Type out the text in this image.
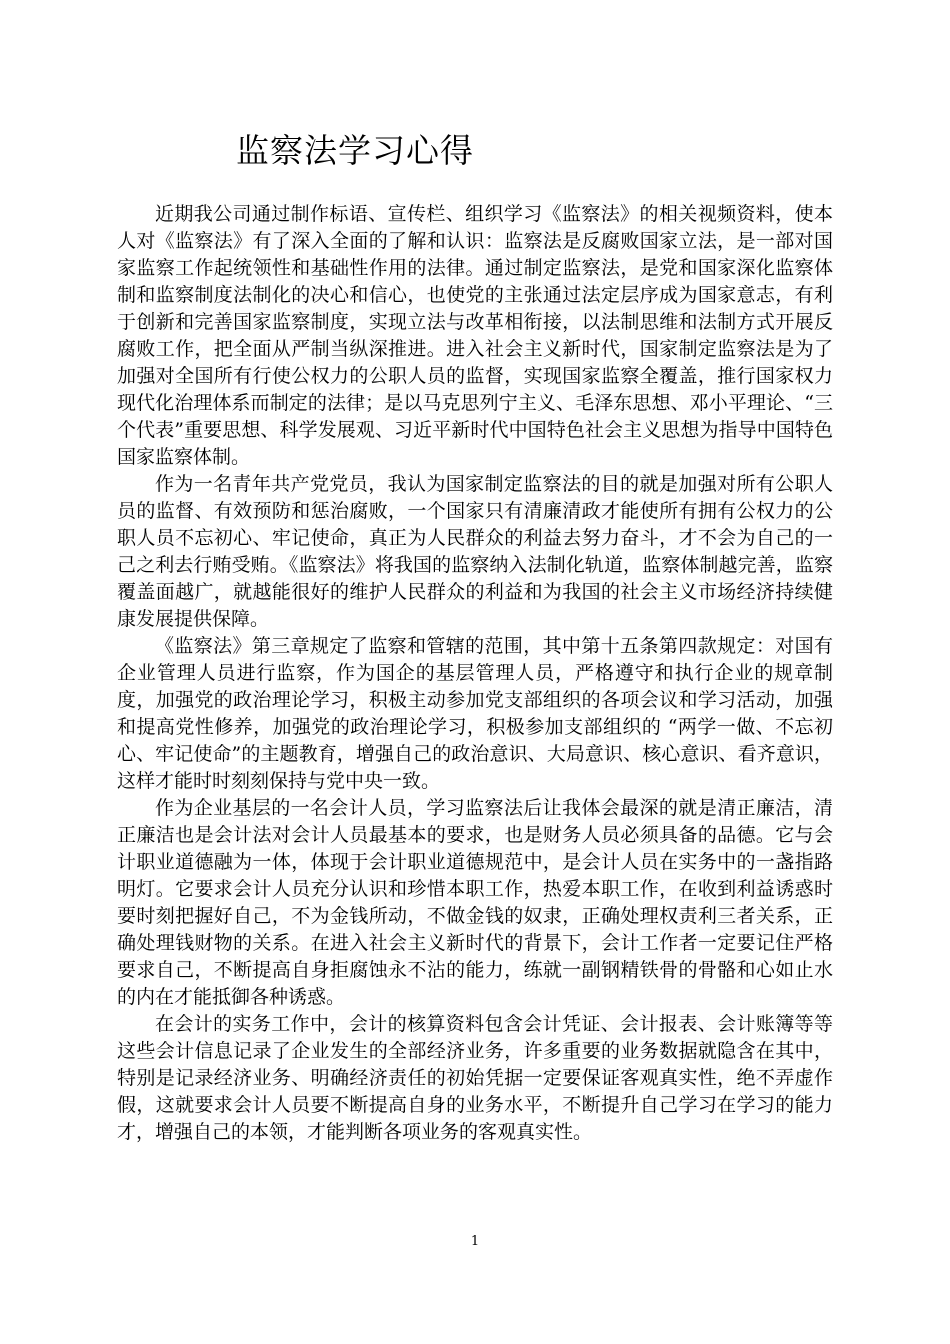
监察法学习心得

近期我公司通过制作标语、宣传栏、组织学习《监察法》的相关视频资料，使本人对《监察法》有了深入全面的了解和认识：监察法是反腐败国家立法，是一部对国家监察工作起统领性和基础性作用的法律。通过制定监察法，是党和国家深化监察体制和监察制度法制化的决心和信心，也使党的主张通过法定层序成为国家意志，有利于创新和完善国家监察制度，实现立法与改革相衔接，以法制思维和法制方式开展反腐败工作，把全面从严制当纵深推进。进入社会主义新时代，国家制定监察法是为了加强对全国所有行使公权力的公职人员的监督，实现国家监察全覆盖，推行国家权力现代化治理体系而制定的法律；是以马克思列宁主义、毛泽东思想、邓小平理论、“三个代表”重要思想、科学发展观、习近平新时代中国特色社会主义思想为指导中国特色国家监察体制。

作为一名青年共产党党员，我认为国家制定监察法的目的就是加强对所有公职人员的监督、有效预防和惩治腐败，一个国家只有清廉清政才能使所有拥有公权力的公职人员不忘初心、牢记使命，真正为人民群众的利益去努力奋斗，才不会为自己的一己之利去行贿受贿。《监察法》将我国的监察纳入法制化轨道，监察体制越完善，监察覆盖面越广，就越能很好的维护人民群众的利益和为我国的社会主义市场经济持续健康发展提供保障。

《监察法》第三章规定了监察和管辖的范围，其中第十五条第四款规定：对国有企业管理人员进行监察，作为国企的基层管理人员，严格遵守和执行企业的规章制度，加强党的政治理论学习，积极主动参加党支部组织的各项会议和学习活动，加强和提高党性修养，加强党的政治理论学习，积极参加支部组织的 “两学一做、不忘初心、牢记使命”的主题教育，增强自己的政治意识、大局意识、核心意识、看齐意识，这样才能时时刻刻保持与党中央一致。

作为企业基层的一名会计人员，学习监察法后让我体会最深的就是清正廉洁，清正廉洁也是会计法对会计人员最基本的要求，也是财务人员必须具备的品德。它与会计职业道德融为一体，体现于会计职业道德规范中，是会计人员在实务中的一盏指路明灯。它要求会计人员充分认识和珍惜本职工作，热爱本职工作，在收到利益诱惑时要时刻把握好自己，不为金钱所动，不做金钱的奴隶，正确处理权责利三者关系，正确处理钱财物的关系。在进入社会主义新时代的背景下，会计工作者一定要记住严格要求自己，不断提高自身拒腐蚀永不沾的能力，练就一副钢精铁骨的骨骼和心如止水的内在才能抵御各种诱惑。

在会计的实务工作中，会计的核算资料包含会计凭证、会计报表、会计账簿等等这些会计信息记录了企业发生的全部经济业务，许多重要的业务数据就隐含在其中，特别是记录经济业务、明确经济责任的初始凭据一定要保证客观真实性，绝不弄虚作假，这就要求会计人员要不断提高自身的业务水平，不断提升自己学习在学习的能力才，增强自己的本领，才能判断各项业务的客观真实性。

1
